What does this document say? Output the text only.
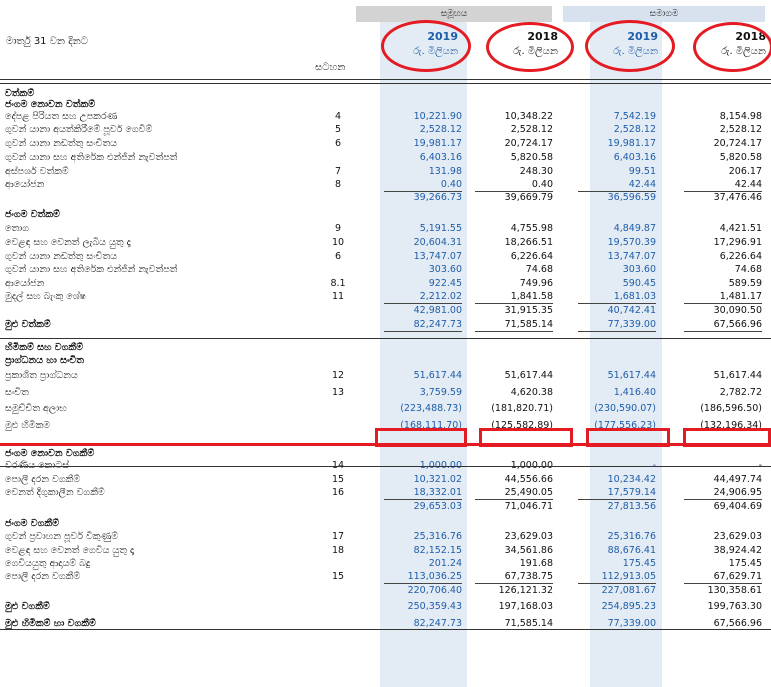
සමූහය	සමාගම
මාර්තු 31 වන දිනට
සටහන
2019	2018	2019	2018
රු. මිලියන	රු. මිලියන	රු. මිලියන	රු. මිලියන
වත්කම්
ජංගම නොවන වත්කම්
දේපළ පිරියත සහ උපකරණ	4	10,221.90	10,348.22	7,542.19	8,154.98
ගුවන් යානා අයත්කිරීමේ පූර්ව ගෙවීම්	5	2,528.12	2,528.12	2,528.12	2,528.12
ගුවන් යානා නඩත්තු සංචිතය	6	19,981.17	20,724.17	19,981.17	20,724.17
ගුවන් යානා සහ අතිරේක එන්ජින් නැවත්පත්	6,403.16	5,820.58	6,403.16	5,820.58
අස්පර්ශ වත්කම්	7	131.98	248.30	99.51	206.17
ආයෝජන	8	0.40	0.40	42.44	42.44
39,266.73	39,669.79	36,596.59	37,476.46
ජංගම වත්කම්
තොග	9	5,191.55	4,755.98	4,849.87	4,421.51
වෙළඳ සහ වෙනත් ලැබිය යුතු දෑ	10	20,604.31	18,266.51	19,570.39	17,296.91
ගුවන් යානා නඩත්තු සංචිතය	6	13,747.07	6,226.64	13,747.07	6,226.64
ගුවන් යානා සහ අතිරේක එන්ජින් නැවත්පත්	303.60	74.68	303.60	74.68
ආයෝජන	8.1	922.45	749.96	590.45	589.59
මුදල් සහ බැංකු ශේෂ	11	2,212.02	1,841.58	1,681.03	1,481.17
42,981.00	31,915.35	40,742.41	30,090.50
මුළු වත්කම්	82,247.73	71,585.14	77,339.00	67,566.96
හිමිකම් සහ වගකීම්
ප්‍රාග්ධනය හා සංචිත
ප්‍රකාශිත ප්‍රාග්ධනය	12	51,617.44	51,617.44	51,617.44	51,617.44
සංචිත	13	3,759.59	4,620.38	1,416.40	2,782.72
සමුච්චිත අලාභ	(223,488.73)	(181,820.71)	(230,590.07)	(186,596.50)
මුළු හිමිකම	(168,111.70)	(125,582.89)	(177,556.23)	(132,196.34)
ජංගම නොවන වගකීම්
වරණිය කොටස්	14	1,000.00	1,000.00	-	-
පොලී දරන වගකීම්	15	10,321.02	44,556.66	10,234.42	44,497.74
වෙනත් දිගුකාලීන වගකීම්	16	18,332.01	25,490.05	17,579.14	24,906.95
29,653.03	71,046.71	27,813.56	69,404.69
ජංගම වගකීම්
ගුවන් ප්‍රවාහන පූර්ව විකුණුම්	17	25,316.76	23,629.03	25,316.76	23,629.03
වෙළඳ සහ වෙනත් ගෙවිය යුතු දෑ	18	82,152.15	34,561.86	88,676.41	38,924.42
ගෙවියයුතු ආදායම් බදු	201.24	191.68	175.45	175.45
පොලී දරන වගකීම්	15	113,036.25	67,738.75	112,913.05	67,629.71
220,706.40	126,121.32	227,081.67	130,358.61
මුළු වගකීම්	250,359.43	197,168.03	254,895.23	199,763.30
මුළු හිමිකම් හා වගකීම්	82,247.73	71,585.14	77,339.00	67,566.96
